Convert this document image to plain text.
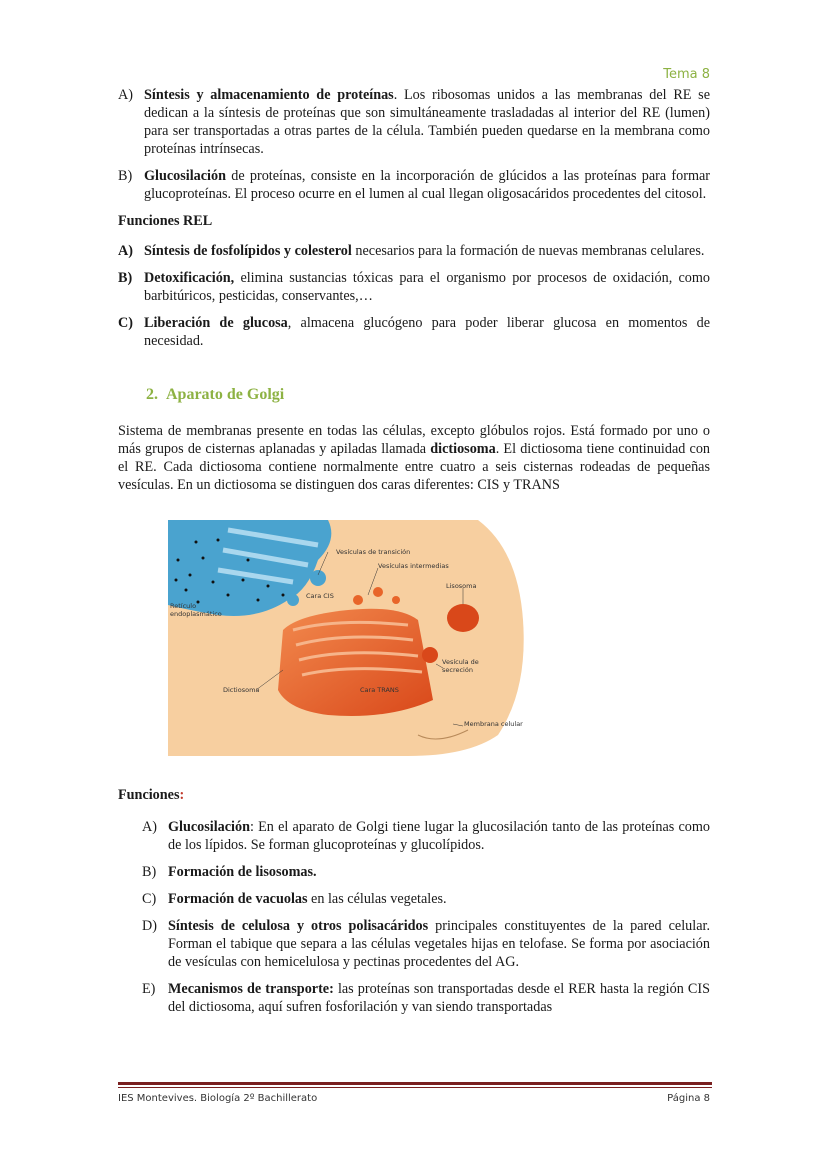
Tema 8
A) Síntesis y almacenamiento de proteínas. Los ribosomas unidos a las membranas del RE se dedican a la síntesis de proteínas que son simultáneamente trasladadas al interior del RE (lumen) para ser transportadas a otras partes de la célula. También pueden quedarse en la membrana como proteínas intrínsecas.
B) Glucosilación de proteínas, consiste en la incorporación de glúcidos a las proteínas para formar glucoproteínas. El proceso ocurre en el lumen al cual llegan oligosacáridos procedentes del citosol.
Funciones REL
A) Síntesis de fosfolípidos y colesterol necesarios para la formación de nuevas membranas celulares.
B) Detoxificación, elimina sustancias tóxicas para el organismo por procesos de oxidación, como barbitúricos, pesticidas, conservantes,…
C) Liberación de glucosa, almacena glucógeno para poder liberar glucosa en momentos de necesidad.
2. Aparato de Golgi
Sistema de membranas presente en todas las células, excepto glóbulos rojos. Está formado por uno o más grupos de cisternas aplanadas y apiladas llamada dictiosoma. El dictiosoma tiene continuidad con el RE. Cada dictiosoma contiene normalmente entre cuatro a seis cisternas rodeadas de pequeñas vesículas. En un dictiosoma se distinguen dos caras diferentes: CIS y TRANS
Vesículas de transición
Vesículas intermedias
Lisosoma
Cara CIS
Retículo endoplasmático
Vesícula de secreción
Dictiosoma	Cara TRANS
Membrana celular
Funciones:
A) Glucosilación: En el aparato de Golgi tiene lugar la glucosilación tanto de las proteínas como de los lípidos. Se forman glucoproteínas y glucolípidos.
B) Formación de lisosomas.
C) Formación de vacuolas en las células vegetales.
D) Síntesis de celulosa y otros polisacáridos principales constituyentes de la pared celular. Forman el tabique que separa a las células vegetales hijas en telofase. Se forma por asociación de vesículas con hemicelulosa y pectinas procedentes del AG.
E) Mecanismos de transporte: las proteínas son transportadas desde el RER hasta la región CIS del dictiosoma, aquí sufren fosforilación y van siendo transportadas
IES Montevives. Biología 2º Bachillerato	Página 8
